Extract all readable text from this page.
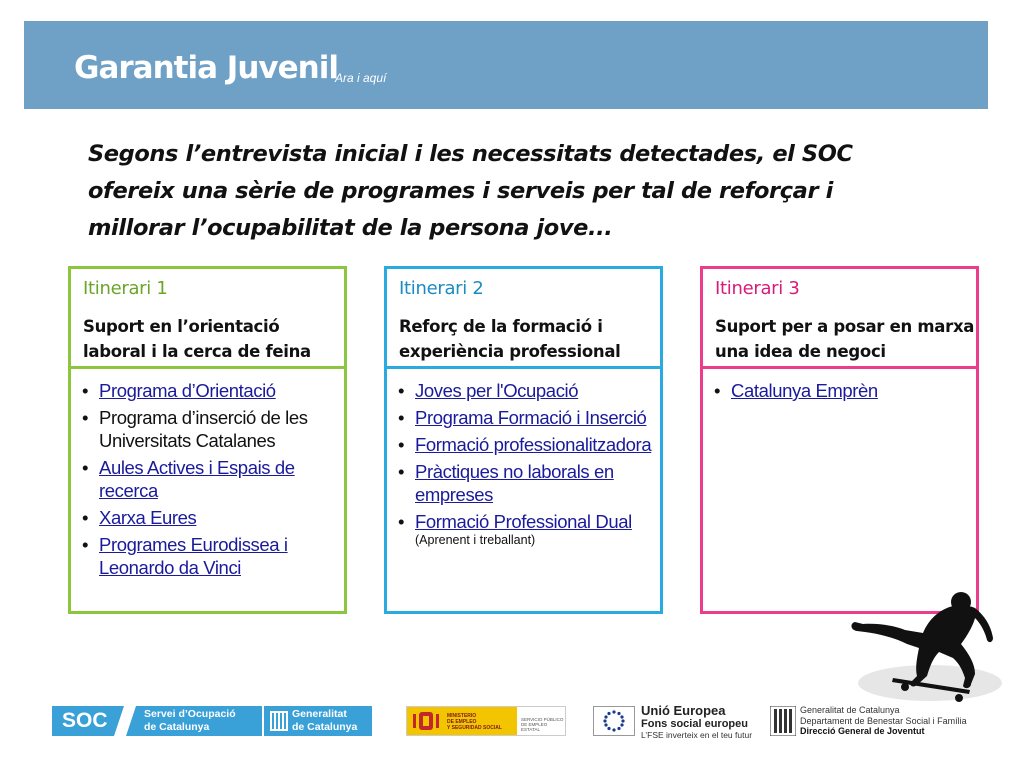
Garantia Juvenil
Ara i aquí
Segons l’entrevista inicial i les necessitats detectades, el SOC ofereix una sèrie de programes i serveis per tal de reforçar i millorar l’ocupabilitat de la persona jove...
Itinerari 1
Suport en l’orientació laboral i la cerca de feina
• Programa d’Orientació
• Programa d’inserció de les Universitats Catalanes
• Aules Actives i Espais de recerca
• Xarxa Eures
• Programes Eurodissea i Leonardo da Vinci
Itinerari 2
Reforç de la formació i experiència professional
• Joves per l'Ocupació
• Programa Formació i Inserció
• Formació professionalitzadora
• Pràctiques no laborals en empreses
• Formació Professional Dual
(Aprenent i treballant)
Itinerari 3
Suport per a posar en marxa una idea de negoci
• Catalunya Emprèn
SOC	Servei d’Ocupació
de Catalunya
Generalitat
de Catalunya
MINISTERIO
DE EMPLEO
Y SEGURIDAD SOCIAL
SERVICIO PÚBLICO DE EMPLEO ESTATAL
Unió Europea
Fons social europeu
L’FSE inverteix en el teu futur
Generalitat de Catalunya
Departament de Benestar Social i Família
Direcció General de Joventut
